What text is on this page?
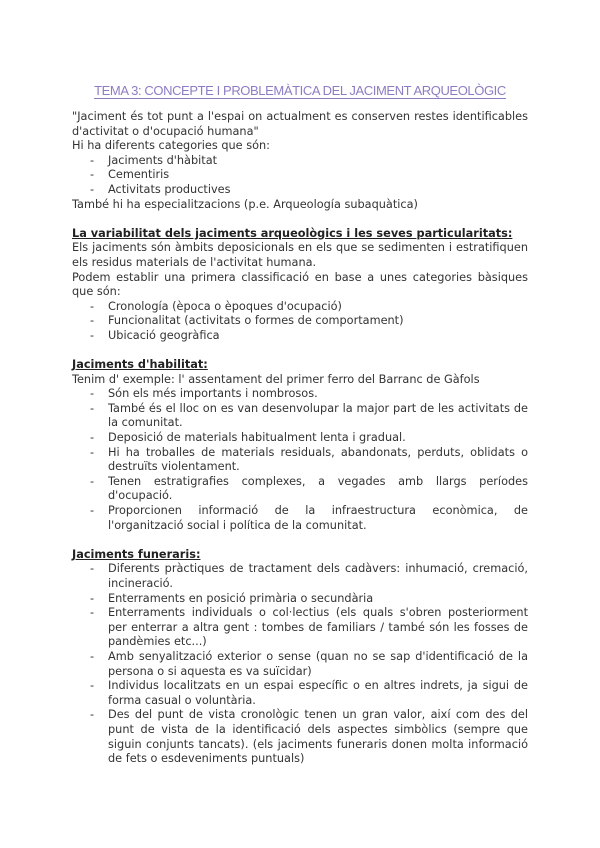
TEMA 3: CONCEPTE I PROBLEMÀTICA DEL JACIMENT ARQUEOLÒGIC

"Jaciment és tot punt a l'espai on actualment es conserven restes identificables d'activitat o d'ocupació humana"

Hi ha diferents categories que són:

- Jaciments d'hàbitat
- Cementiris
- Activitats productives

També hi ha especialitzacions (p.e. Arqueología subaquàtica)

La variabilitat dels jaciments arqueològics i les seves particularitats:

Els jaciments són àmbits deposicionals en els que se sedimenten i estratifiquen els residus materials de l'activitat humana.

Podem establir una primera classificació en base a unes categories bàsiques que són:

- Cronología (època o èpoques d'ocupació)
- Funcionalitat (activitats o formes de comportament)
- Ubicació geogràfica

Jaciments d'habilitat:

Tenim d' exemple: l' assentament del primer ferro del Barranc de Gàfols

- Són els més importants i nombrosos.
- També és el lloc on es van desenvolupar la major part de les activitats de la comunitat.
- Deposició de materials habitualment lenta i gradual.
- Hi ha troballes de materials residuals, abandonats, perduts, oblidats o destruïts violentament.
- Tenen estratigrafies complexes, a vegades amb llargs períodes d'ocupació.
- Proporcionen informació de la infraestructura econòmica, de l'organització social i política de la comunitat.

Jaciments funeraris:

- Diferents pràctiques de tractament dels cadàvers: inhumació, cremació, incineració.
- Enterraments en posició primària o secundària
- Enterraments individuals o col·lectius (els quals s'obren posteriorment per enterrar a altra gent : tombes de familiars / també són les fosses de pandèmies etc...)
- Amb senyalització exterior o sense (quan no se sap d'identificació de la persona o si aquesta es va suïcidar)
- Individus localitzats en un espai específic o en altres indrets, ja sigui de forma casual o voluntària.
- Des del punt de vista cronològic tenen un gran valor, així com des del punt de vista de la identificació dels aspectes simbòlics (sempre que siguin conjunts tancats). (els jaciments funeraris donen molta informació de fets o esdeveniments puntuals)
